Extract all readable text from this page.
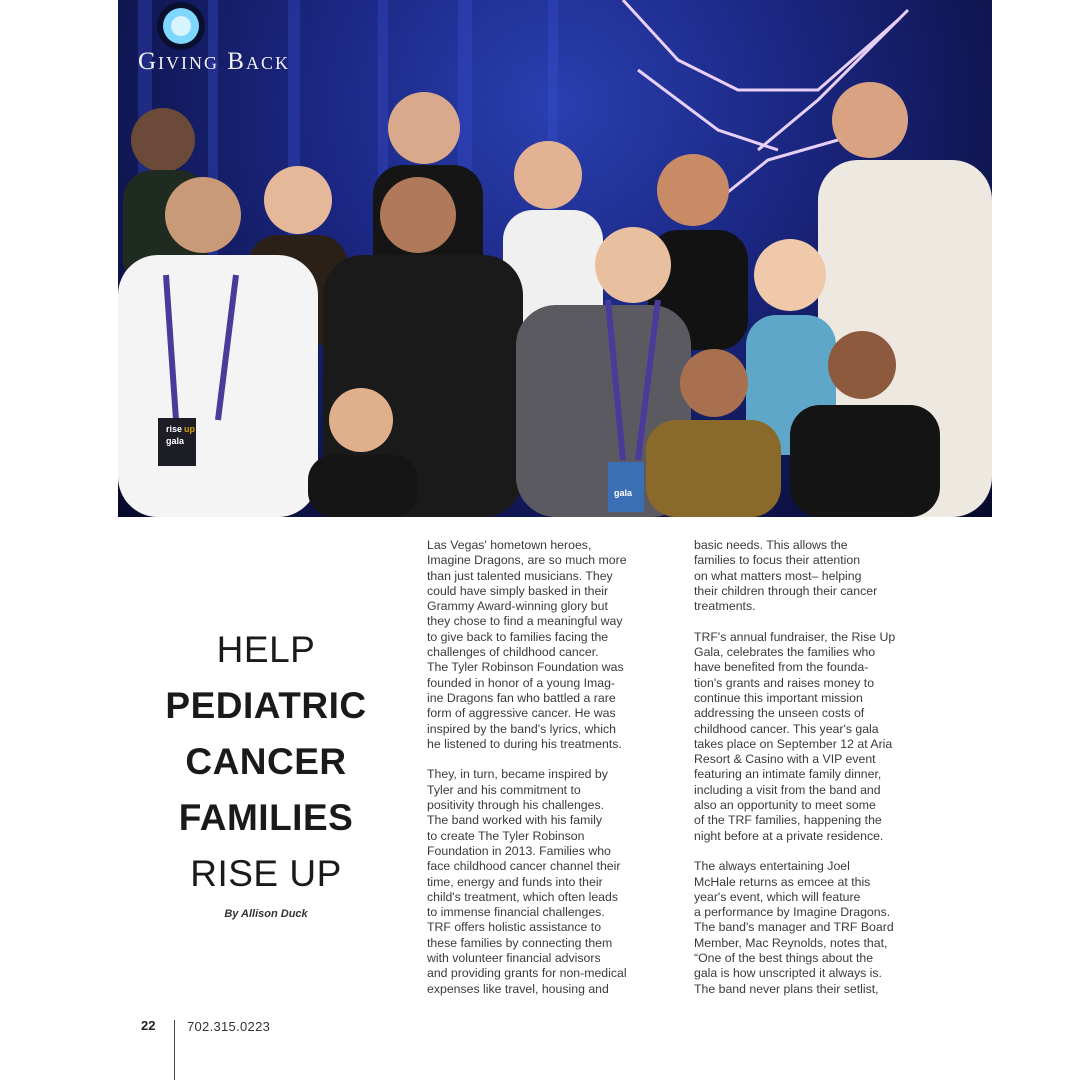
rise up
gala
gala
Giving Back
HELP
PEDIATRIC
CANCER
FAMILIES
RISE UP
By Allison Duck

Las Vegas' hometown heroes,
Imagine Dragons, are so much more
than just talented musicians. They
could have simply basked in their
Grammy Award-winning glory but
they chose to find a meaningful way
to give back to families facing the
challenges of childhood cancer.
The Tyler Robinson Foundation was
founded in honor of a young Imag-
ine Dragons fan who battled a rare
form of aggressive cancer. He was
inspired by the band's lyrics, which
he listened to during his treatments.

They, in turn, became inspired by
Tyler and his commitment to
positivity through his challenges.
The band worked with his family
to create The Tyler Robinson
Foundation in 2013. Families who
face childhood cancer channel their
time, energy and funds into their
child's treatment, which often leads
to immense financial challenges.
TRF offers holistic assistance to
these families by connecting them
with volunteer financial advisors
and providing grants for non-medical
expenses like travel, housing and

basic needs. This allows the
families to focus their attention
on what matters most– helping
their children through their cancer
treatments.

TRF's annual fundraiser, the Rise Up
Gala, celebrates the families who
have benefited from the founda-
tion's grants and raises money to
continue this important mission
addressing the unseen costs of
childhood cancer. This year's gala
takes place on September 12 at Aria
Resort & Casino with a VIP event
featuring an intimate family dinner,
including a visit from the band and
also an opportunity to meet some
of the TRF families, happening the
night before at a private residence.

The always entertaining Joel
McHale returns as emcee at this
year's event, which will feature
a performance by Imagine Dragons.
The band's manager and TRF Board
Member, Mac Reynolds, notes that,
“One of the best things about the
gala is how unscripted it always is.
The band never plans their setlist,

22 702.315.0223
